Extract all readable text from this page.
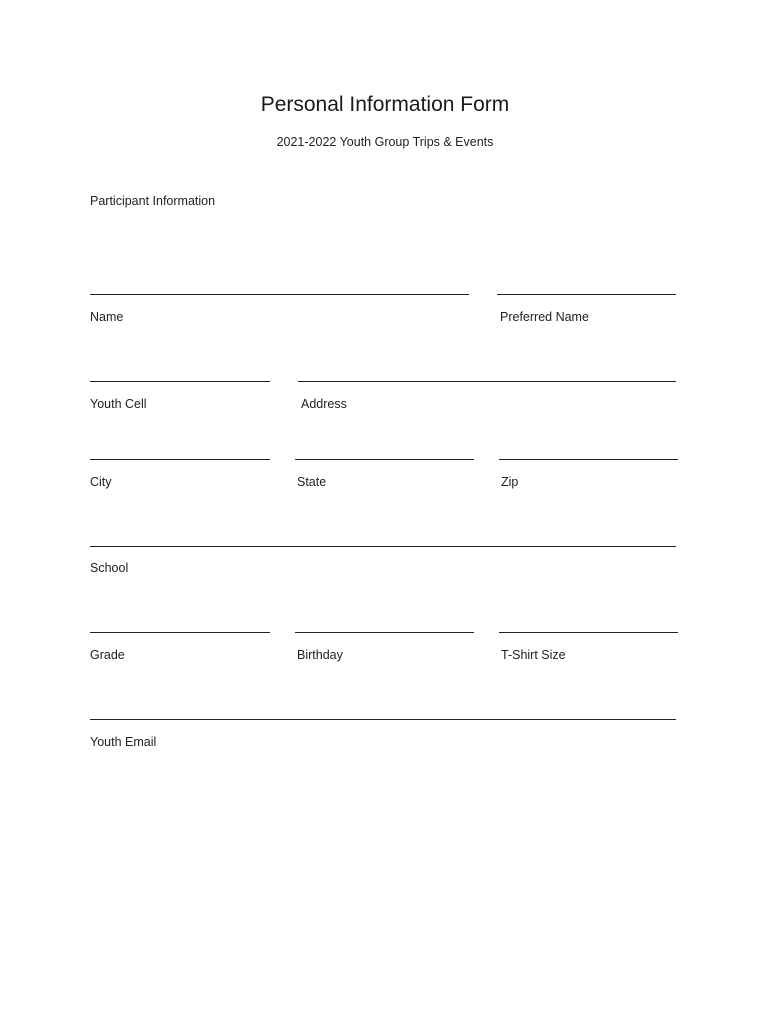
Personal Information Form
2021-2022 Youth Group Trips & Events
Participant Information
Name	Preferred Name
Youth Cell	Address
City	State	Zip
School
Grade	Birthday	T-Shirt Size
Youth Email
